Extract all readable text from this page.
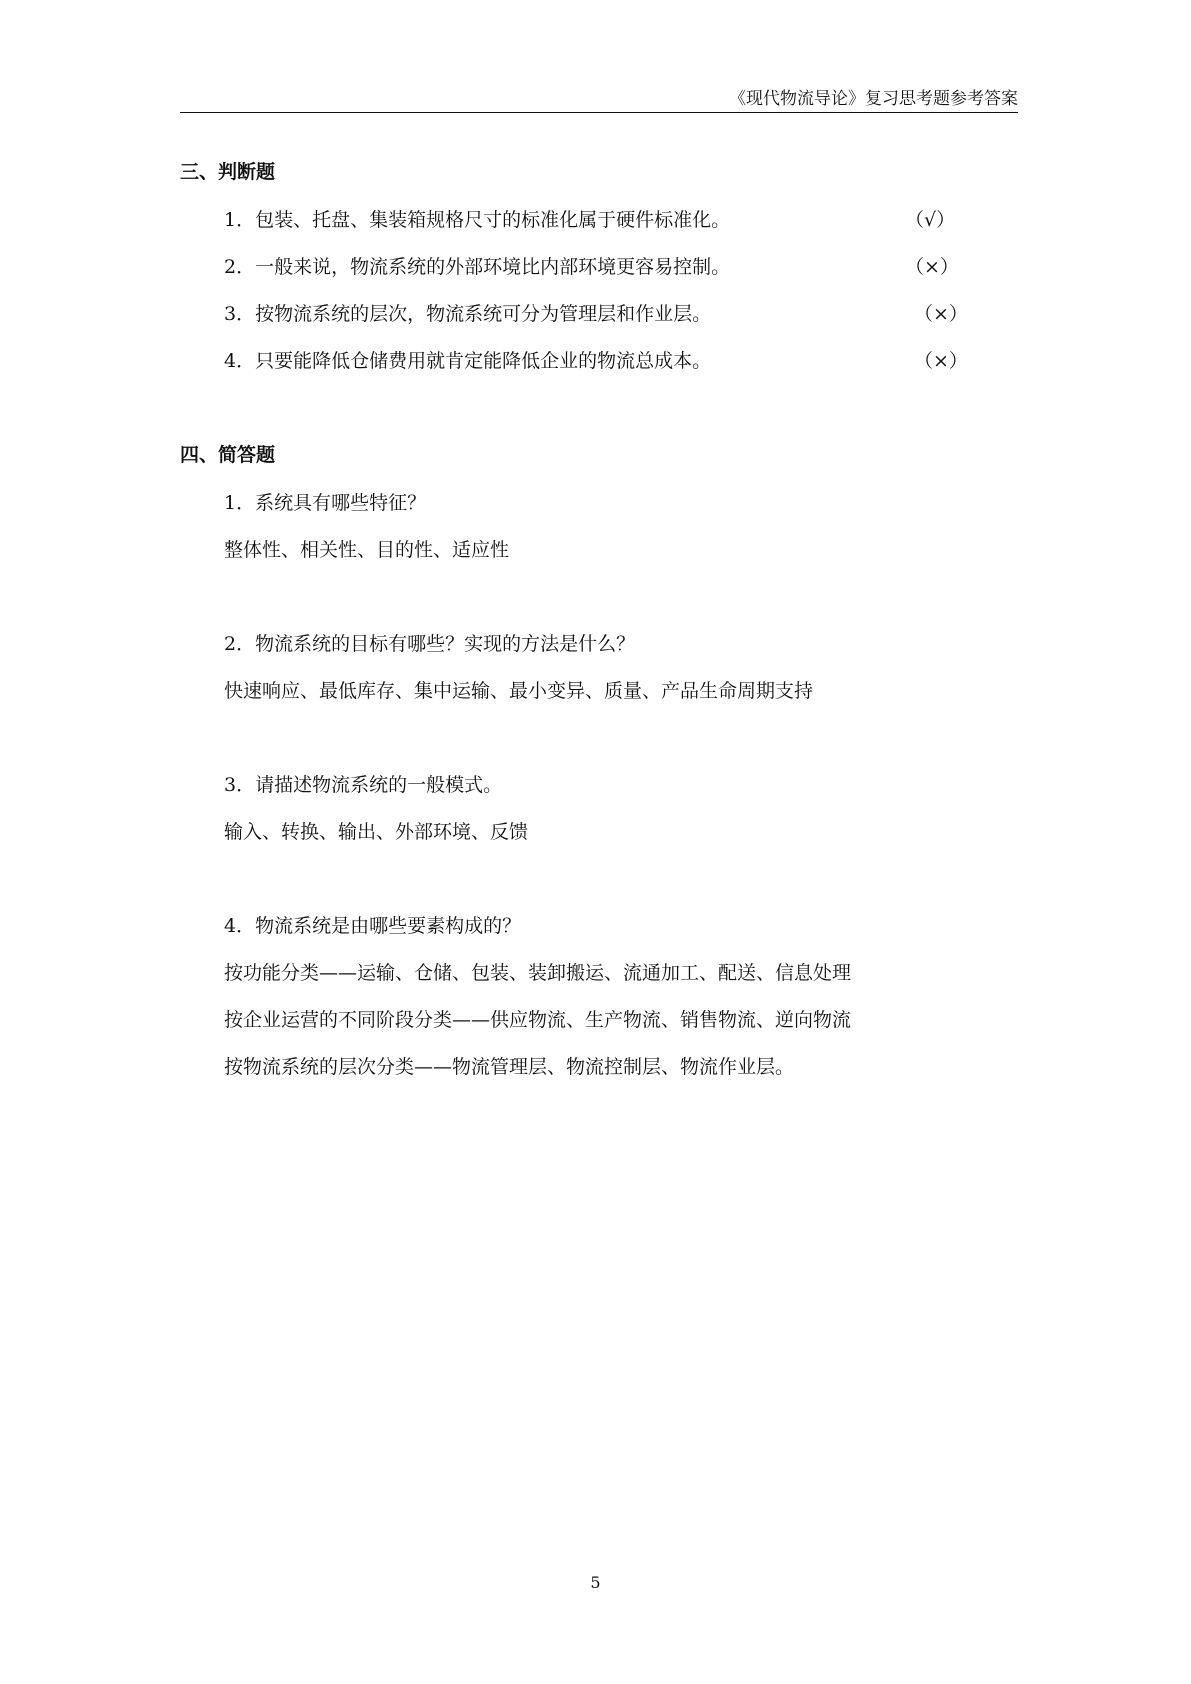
《现代物流导论》复习思考题参考答案
三、判断题
1．包装、托盘、集装箱规格尺寸的标准化属于硬件标准化。	（√）
2．一般来说，物流系统的外部环境比内部环境更容易控制。	（×）
3．按物流系统的层次，物流系统可分为管理层和作业层。	（×）
4．只要能降低仓储费用就肯定能降低企业的物流总成本。	（×）
四、简答题
1．系统具有哪些特征？
整体性、相关性、目的性、适应性
2．物流系统的目标有哪些？实现的方法是什么？
快速响应、最低库存、集中运输、最小变异、质量、产品生命周期支持
3．请描述物流系统的一般模式。
输入、转换、输出、外部环境、反馈
4．物流系统是由哪些要素构成的？
按功能分类——运输、仓储、包装、装卸搬运、流通加工、配送、信息处理
按企业运营的不同阶段分类——供应物流、生产物流、销售物流、逆向物流
按物流系统的层次分类——物流管理层、物流控制层、物流作业层。
5
